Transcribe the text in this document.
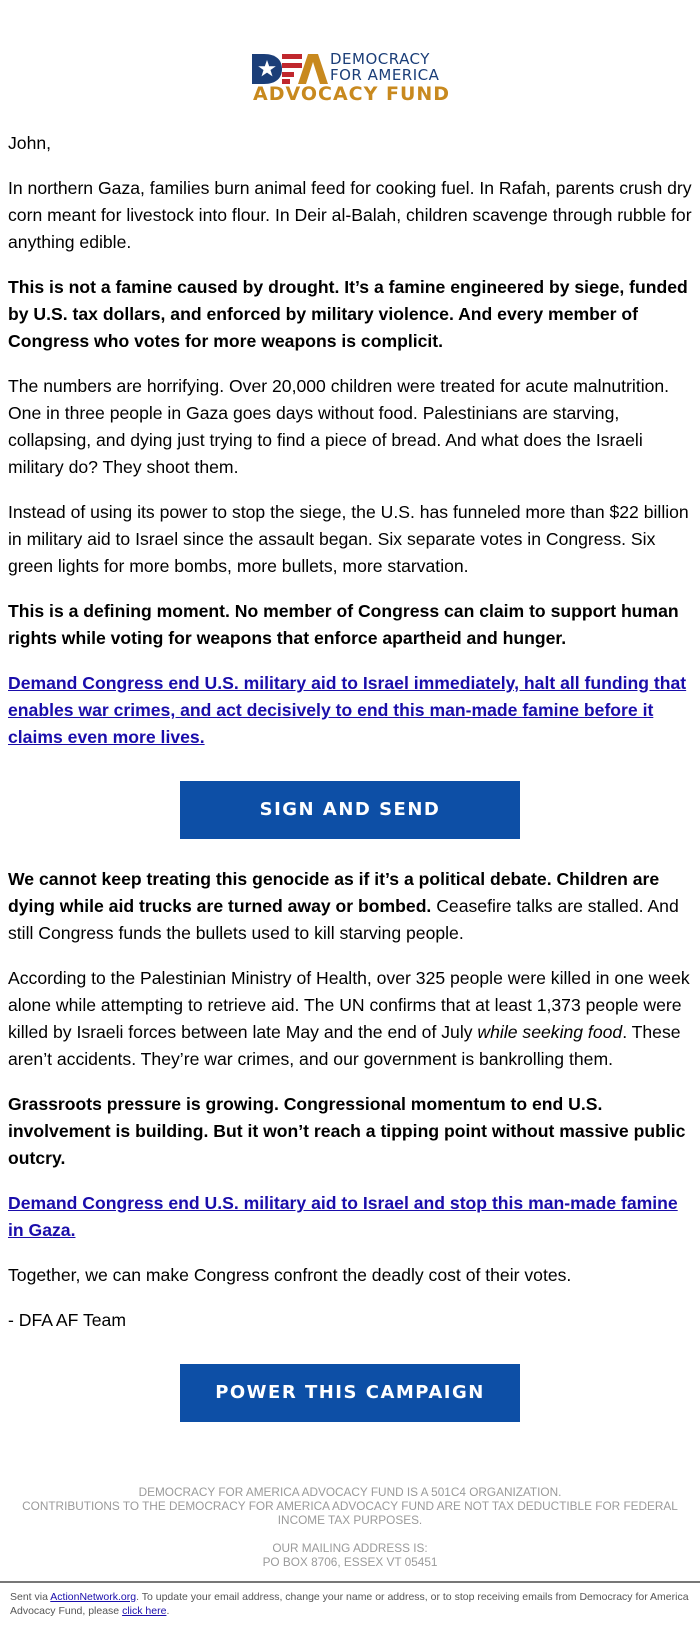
DEMOCRACY
FOR AMERICA
ADVOCACY FUND

John,

In northern Gaza, families burn animal feed for cooking fuel. In Rafah, parents crush dry corn meant for livestock into flour. In Deir al-Balah, children scavenge through rubble for anything edible.

This is not a famine caused by drought. It’s a famine engineered by siege, funded by U.S. tax dollars, and enforced by military violence. And every member of Congress who votes for more weapons is complicit.

The numbers are horrifying. Over 20,000 children were treated for acute malnutrition. One in three people in Gaza goes days without food. Palestinians are starving, collapsing, and dying just trying to find a piece of bread. And what does the Israeli military do? They shoot them.

Instead of using its power to stop the siege, the U.S. has funneled more than $22 billion in military aid to Israel since the assault began. Six separate votes in Congress. Six green lights for more bombs, more bullets, more starvation.

This is a defining moment. No member of Congress can claim to support human rights while voting for weapons that enforce apartheid and hunger.

Demand Congress end U.S. military aid to Israel immediately, halt all funding that enables war crimes, and act decisively to end this man-made famine before it claims even more lives.

SIGN AND SEND

We cannot keep treating this genocide as if it’s a political debate. Children are dying while aid trucks are turned away or bombed. Ceasefire talks are stalled. And still Congress funds the bullets used to kill starving people.

According to the Palestinian Ministry of Health, over 325 people were killed in one week alone while attempting to retrieve aid. The UN confirms that at least 1,373 people were killed by Israeli forces between late May and the end of July while seeking food. These aren’t accidents. They’re war crimes, and our government is bankrolling them.

Grassroots pressure is growing. Congressional momentum to end U.S. involvement is building. But it won’t reach a tipping point without massive public outcry.

Demand Congress end U.S. military aid to Israel and stop this man-made famine in Gaza.

Together, we can make Congress confront the deadly cost of their votes.

- DFA AF Team

POWER THIS CAMPAIGN
DEMOCRACY FOR AMERICA ADVOCACY FUND IS A 501C4 ORGANIZATION.
CONTRIBUTIONS TO THE DEMOCRACY FOR AMERICA ADVOCACY FUND ARE NOT TAX DEDUCTIBLE FOR FEDERAL INCOME TAX PURPOSES.
OUR MAILING ADDRESS IS:
PO BOX 8706, ESSEX VT 05451
Sent via ActionNetwork.org. To update your email address, change your name or address, or to stop receiving emails from Democracy for America Advocacy Fund, please click here.
